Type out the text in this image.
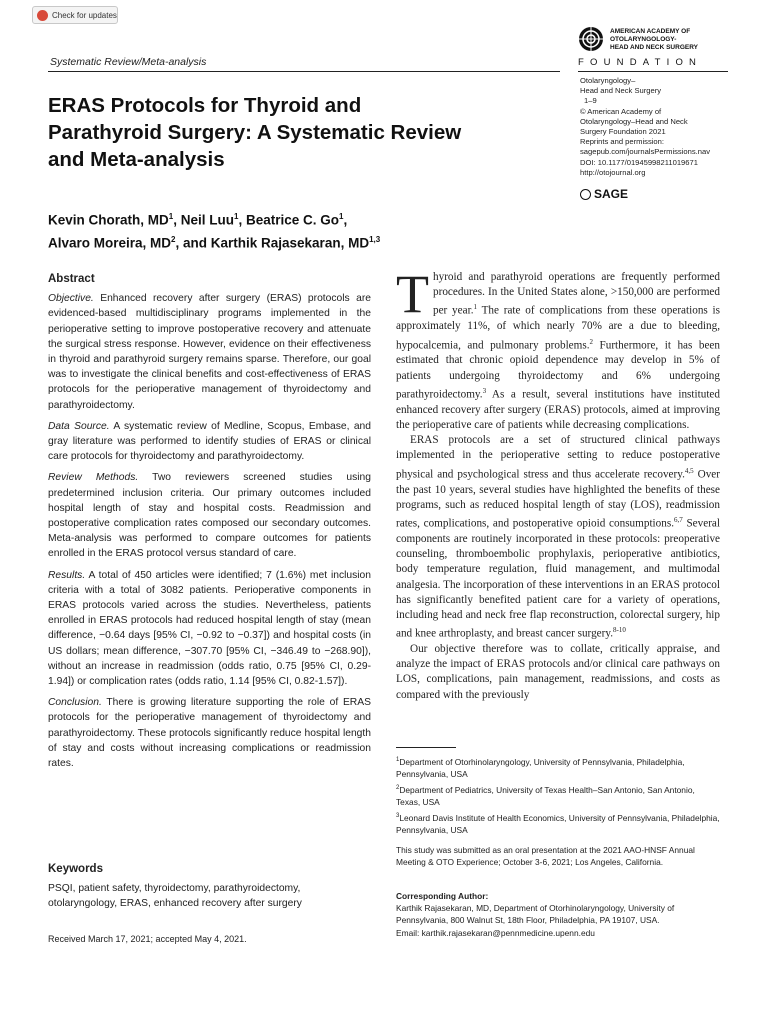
Check for updates
Systematic Review/Meta-analysis
AMERICAN ACADEMY OF
OTOLARYNGOLOGY-
HEAD AND NECK SURGERY
FOUNDATION
Otolaryngology–
Head and Neck Surgery
1–9
© American Academy of
Otolaryngology–Head and Neck
Surgery Foundation 2021
Reprints and permission:
sagepub.com/journalsPermissions.nav
DOI: 10.1177/01945998211019671
http://otojournal.org
SAGE
ERAS Protocols for Thyroid and Parathyroid Surgery: A Systematic Review and Meta-analysis
Kevin Chorath, $MD^1$, Neil Luu$^1$, Beatrice C. Go$^1$,
Alvaro Moreira, $MD^2$, and Karthik Rajasekaran, MD$^{1,3}$
Abstract

Objective. Enhanced recovery after surgery (ERAS) protocols are evidenced-based multidisciplinary programs implemented in the perioperative setting to improve postoperative recovery and attenuate the surgical stress response. However, evidence on their effectiveness in thyroid and parathyroid surgery remains sparse. Therefore, our goal was to investigate the clinical benefits and cost-effectiveness of ERAS protocols for the perioperative management of thyroidectomy and parathyroidectomy.

Data Source. A systematic review of Medline, Scopus, Embase, and gray literature was performed to identify studies of ERAS or clinical care protocols for thyroidectomy and parathyroidectomy.

Review Methods. Two reviewers screened studies using predetermined inclusion criteria. Our primary outcomes included hospital length of stay and hospital costs. Readmission and postoperative complication rates composed our secondary outcomes. Meta-analysis was performed to compare outcomes for patients enrolled in the ERAS protocol versus standard of care.

Results. A total of 450 articles were identified; 7 (1.6%) met inclusion criteria with a total of 3082 patients. Perioperative components in ERAS protocols varied across the studies. Nevertheless, patients enrolled in ERAS protocols had reduced hospital length of stay (mean difference, −0.64 days [95% CI, −0.92 to −0.37]) and hospital costs (in US dollars; mean difference, −307.70 [95% CI, −346.49 to −268.90]), without an increase in readmission (odds ratio, 0.75 [95% CI, 0.29-1.94]) or complication rates (odds ratio, 1.14 [95% CI, 0.82-1.57]).

Conclusion. There is growing literature supporting the role of ERAS protocols for the perioperative management of thyroidectomy and parathyroidectomy. These protocols significantly reduce hospital length of stay and costs without increasing complications or readmission rates.

Keywords
PSQI, patient safety, thyroidectomy, parathyroidectomy, otolaryngology, ERAS, enhanced recovery after surgery
Received March 17, 2021; accepted May 4, 2021.

Thyroid and parathyroid operations are frequently performed procedures. In the United States alone, >150,000 are performed per year.$^1$ The rate of complications from these operations is approximately 11%, of which nearly 70% are a due to bleeding, hypocalcemia, and pulmonary problems.$^2$ Furthermore, it has been estimated that chronic opioid dependence may develop in 5% of patients undergoing thyroidectomy and 6% undergoing parathyroidectomy.$^3$ As a result, several institutions have instituted enhanced recovery after surgery (ERAS) protocols, aimed at improving the perioperative care of patients while decreasing complications.

ERAS protocols are a set of structured clinical pathways implemented in the perioperative setting to reduce postoperative physical and psychological stress and thus accelerate recovery.$^{4,5}$ Over the past 10 years, several studies have highlighted the benefits of these programs, such as reduced hospital length of stay (LOS), readmission rates, complications, and postoperative opioid consumptions.$^{6,7}$ Several components are routinely incorporated in these protocols: preoperative counseling, thromboembolic prophylaxis, perioperative antibiotics, body temperature regulation, fluid management, and multimodal analgesia. The incorporation of these interventions in an ERAS protocol has significantly benefited patient care for a variety of operations, including head and neck free flap reconstruction, colorectal surgery, hip and knee arthroplasty, and breast cancer surgery.$^{8-10}$

Our objective therefore was to collate, critically appraise, and analyze the impact of ERAS protocols and/or clinical care pathways on LOS, complications, pain management, readmissions, and costs as compared with the previously

$^1$Department of Otorhinolaryngology, University of Pennsylvania, Philadelphia, Pennsylvania, USA

$^2$Department of Pediatrics, University of Texas Health–San Antonio, San Antonio, Texas, USA

$^3$Leonard Davis Institute of Health Economics, University of Pennsylvania, Philadelphia, Pennsylvania, USA

This study was submitted as an oral presentation at the 2021 AAO-HNSF Annual Meeting & OTO Experience; October 3-6, 2021; Los Angeles, California.
Corresponding Author:
Karthik Rajasekaran, MD, Department of Otorhinolaryngology, University of Pennsylvania, 800 Walnut St, 18th Floor, Philadelphia, PA 19107, USA.
Email: karthik.rajasekaran@pennmedicine.upenn.edu
